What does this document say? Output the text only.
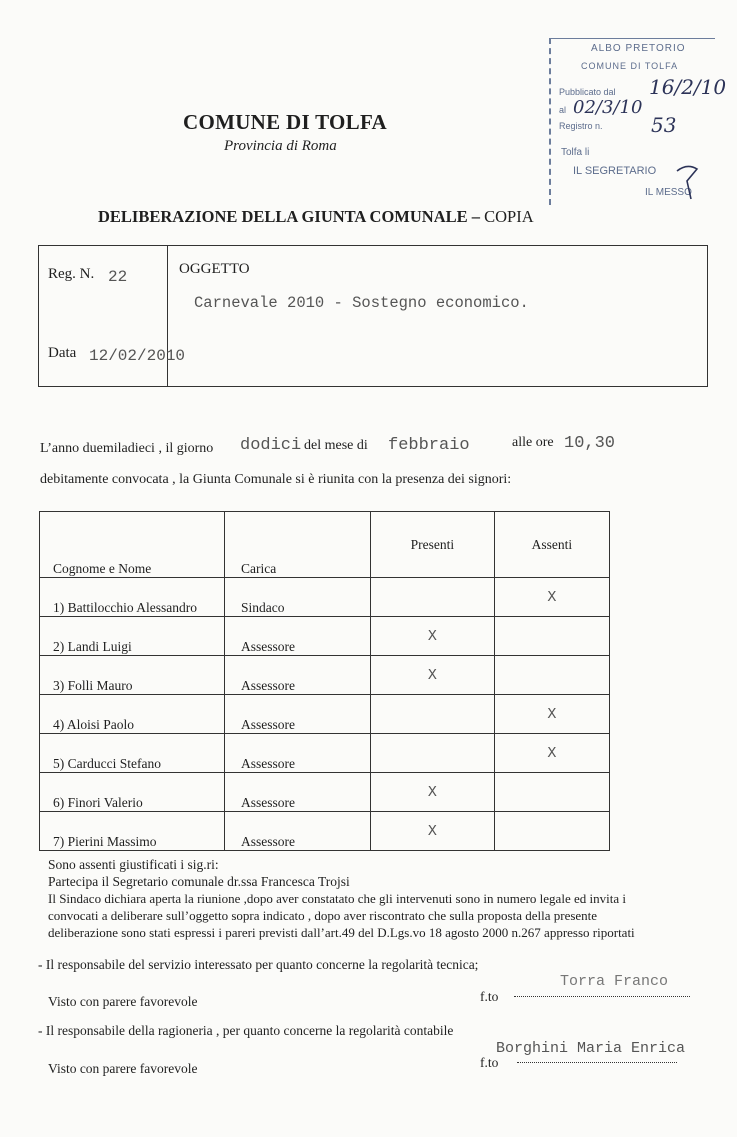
ALBO PRETORIO
COMUNE DI TOLFA
Pubblicato dal 16/2/10
al 02/3/10
Registro n. 53
Tolfa li
IL SEGRETARIO
IL MESSO
COMUNE DI TOLFA
Provincia di Roma
DELIBERAZIONE DELLA GIUNTA COMUNALE – COPIA
Reg. N. 22
Data 12/02/2010
OGGETTO
Carnevale 2010 - Sostegno economico.
L’anno duemiladieci , il giorno dodici del mese di febbraio	alle ore 10,30
debitamente convocata , la Giunta Comunale si è riunita con la presenza dei signori:
Cognome e Nome	Carica	Presenti	Assenti
1) Battilocchio Alessandro	Sindaco		X
2) Landi Luigi	Assessore	X	
3) Folli Mauro	Assessore	X	
4) Aloisi Paolo	Assessore		X
5) Carducci Stefano	Assessore		X
6) Finori Valerio	Assessore	X	
7) Pierini Massimo	Assessore	X	
Sono assenti giustificati i sig.ri:
Partecipa il Segretario comunale dr.ssa Francesca Trojsi
Il Sindaco dichiara aperta la riunione ,dopo aver constatato che gli intervenuti sono in numero legale ed invita i
convocati a deliberare sull’oggetto sopra indicato , dopo aver riscontrato che sulla proposta della presente
deliberazione sono stati espressi i pareri previsti dall’art.49 del D.Lgs.vo 18 agosto 2000 n.267 appresso riportati
- Il responsabile del servizio interessato per quanto concerne la regolarità tecnica;
Visto con parere favorevole	f.to
Torra Franco
- Il responsabile della ragioneria , per quanto concerne la regolarità contabile
Visto con parere favorevole	f.to
Borghini Maria Enrica
